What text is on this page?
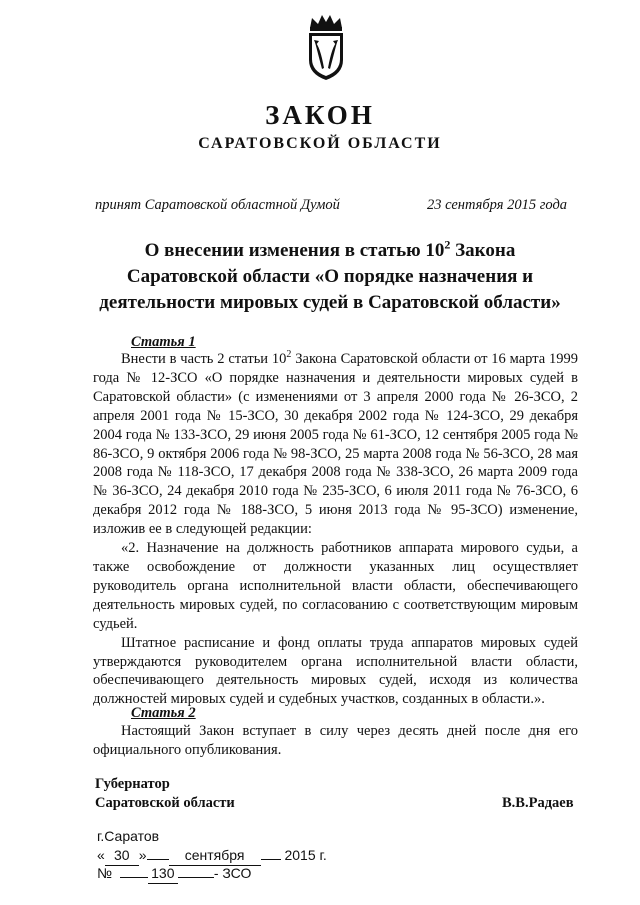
ЗАКОН
САРАТОВСКОЙ ОБЛАСТИ
принят Саратовской областной Думой	23 сентября 2015 года
О внесении изменения в статью $10^2$ Закона
Саратовской области «О порядке назначения и
деятельности мировых судей в Саратовской области»
Статья 1

Внести в часть 2 статьи $10^2$ Закона Саратовской области от 16 марта 1999 года № 12-ЗСО «О порядке назначения и деятельности мировых судей в Саратовской области» (с изменениями от 3 апреля 2000 года № 26-ЗСО, 2 апреля 2001 года № 15-ЗСО, 30 декабря 2002 года № 124-ЗСО, 29 декабря 2004 года № 133-ЗСО, 29 июня 2005 года № 61-ЗСО, 12 сентября 2005 года № 86-ЗСО, 9 октября 2006 года № 98-ЗСО, 25 марта 2008 года № 56-ЗСО, 28 мая 2008 года № 118-ЗСО, 17 декабря 2008 года № 338-ЗСО, 26 марта 2009 года № 36-ЗСО, 24 декабря 2010 года № 235-ЗСО, 6 июля 2011 года № 76-ЗСО, 6 декабря 2012 года № 188-ЗСО, 5 июня 2013 года № 95-ЗСО) изменение, изложив ее в следующей редакции:

«2. Назначение на должность работников аппарата мирового судьи, а также освобождение от должности указанных лиц осуществляет руководитель органа исполнительной власти области, обеспечивающего деятельность мировых судей, по согласованию с соответствующим мировым судьей.

Штатное расписание и фонд оплаты труда аппаратов мировых судей утверждаются руководителем органа исполнительной власти области, обеспечивающего деятельность мировых судей, исходя из количества должностей мировых судей и судебных участков, созданных в области.».

Статья 2

Настоящий Закон вступает в силу через десять дней после дня его официального опубликования.

Губернатор
Саратовской области	В.В.Радаев
г.Саратов
« 30 »	сентября	2015 г.
№	130	- ЗСО
